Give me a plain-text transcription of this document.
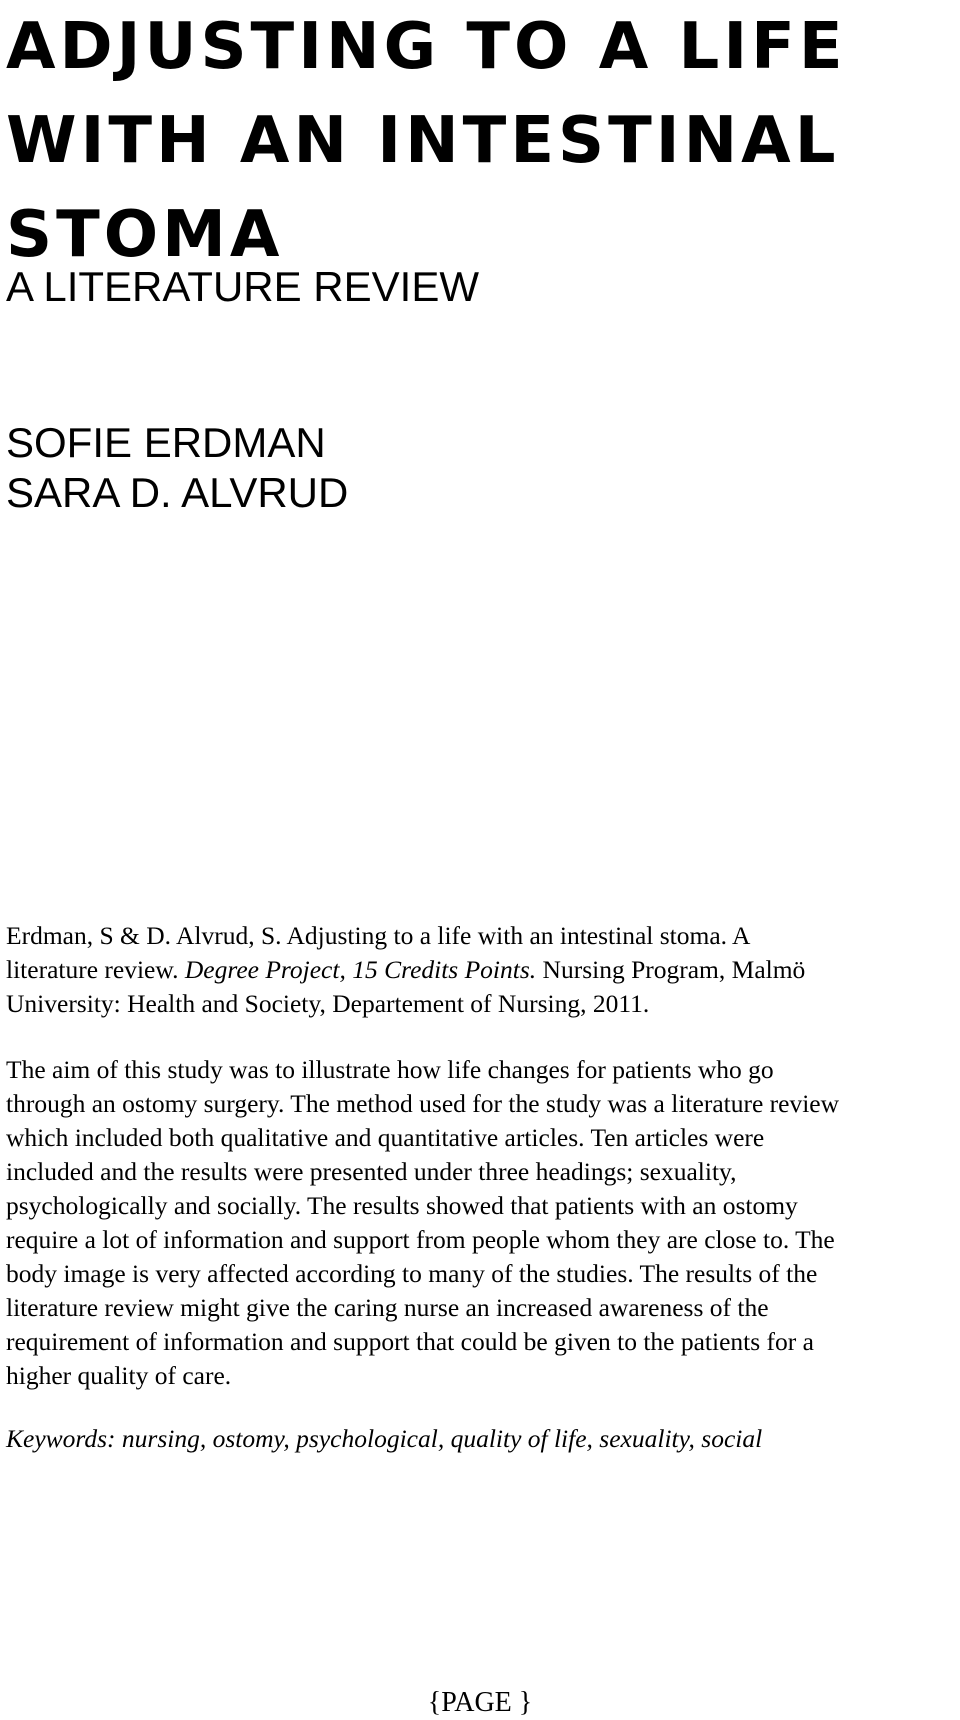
ADJUSTING TO A LIFE
WITH AN INTESTINAL
STOMA
A LITERATURE REVIEW
SOFIE ERDMAN
SARA D. ALVRUD

Erdman, S & D. Alvrud, S. Adjusting to a life with an intestinal stoma. A
literature review. Degree Project, 15 Credits Points. Nursing Program, Malmö
University: Health and Society, Departement of Nursing, 2011.

The aim of this study was to illustrate how life changes for patients who go
through an ostomy surgery. The method used for the study was a literature review
which included both qualitative and quantitative articles. Ten articles were
included and the results were presented under three headings; sexuality,
psychologically and socially. The results showed that patients with an ostomy
require a lot of information and support from people whom they are close to. The
body image is very affected according to many of the studies. The results of the
literature review might give the caring nurse an increased awareness of the
requirement of information and support that could be given to the patients for a
higher quality of care.

Keywords: nursing, ostomy, psychological, quality of life, sexuality, social

{PAGE }
